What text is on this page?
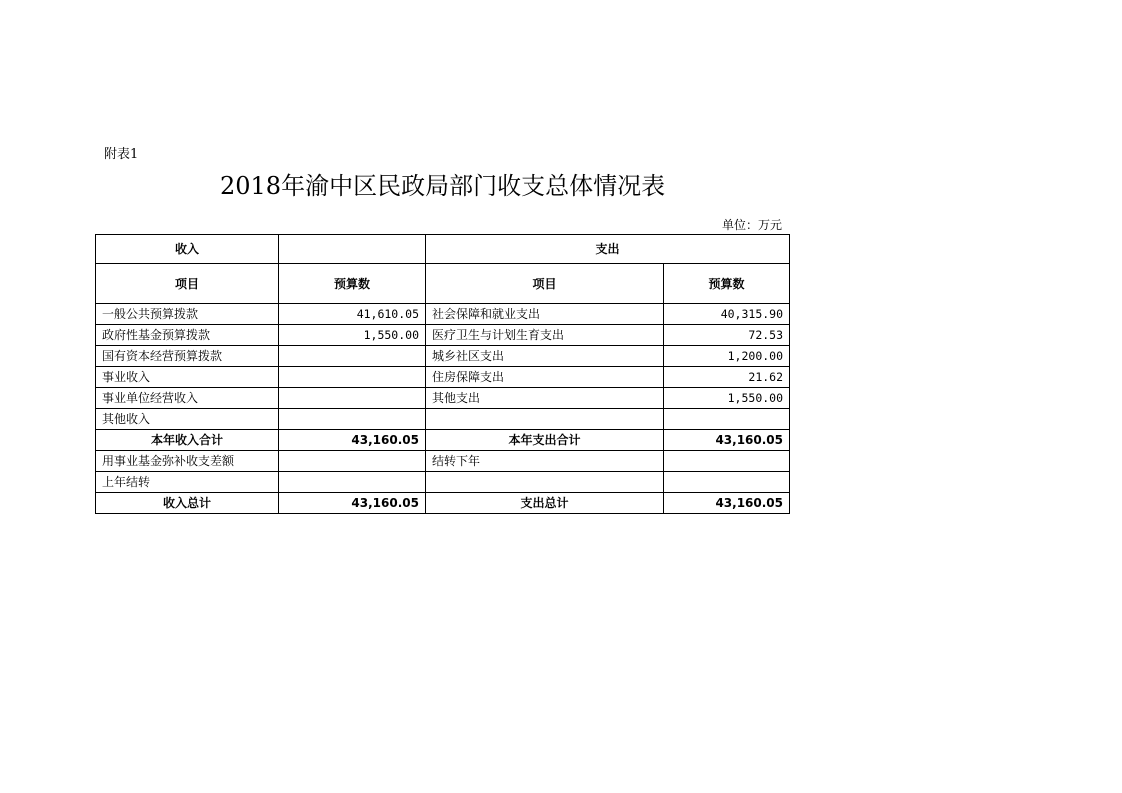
附表1
2018年渝中区民政局部门收支总体情况表
单位：万元
收入		支出	
项目	预算数	项目	预算数
一般公共预算拨款	41,610.05	社会保障和就业支出	40,315.90
政府性基金预算拨款	1,550.00	医疗卫生与计划生育支出	72.53
国有资本经营预算拨款		城乡社区支出	1,200.00
事业收入		住房保障支出	21.62
事业单位经营收入		其他支出	1,550.00
其他收入			
本年收入合计	43,160.05	本年支出合计	43,160.05
用事业基金弥补收支差额		结转下年	
上年结转			
收入总计	43,160.05	支出总计	43,160.05
